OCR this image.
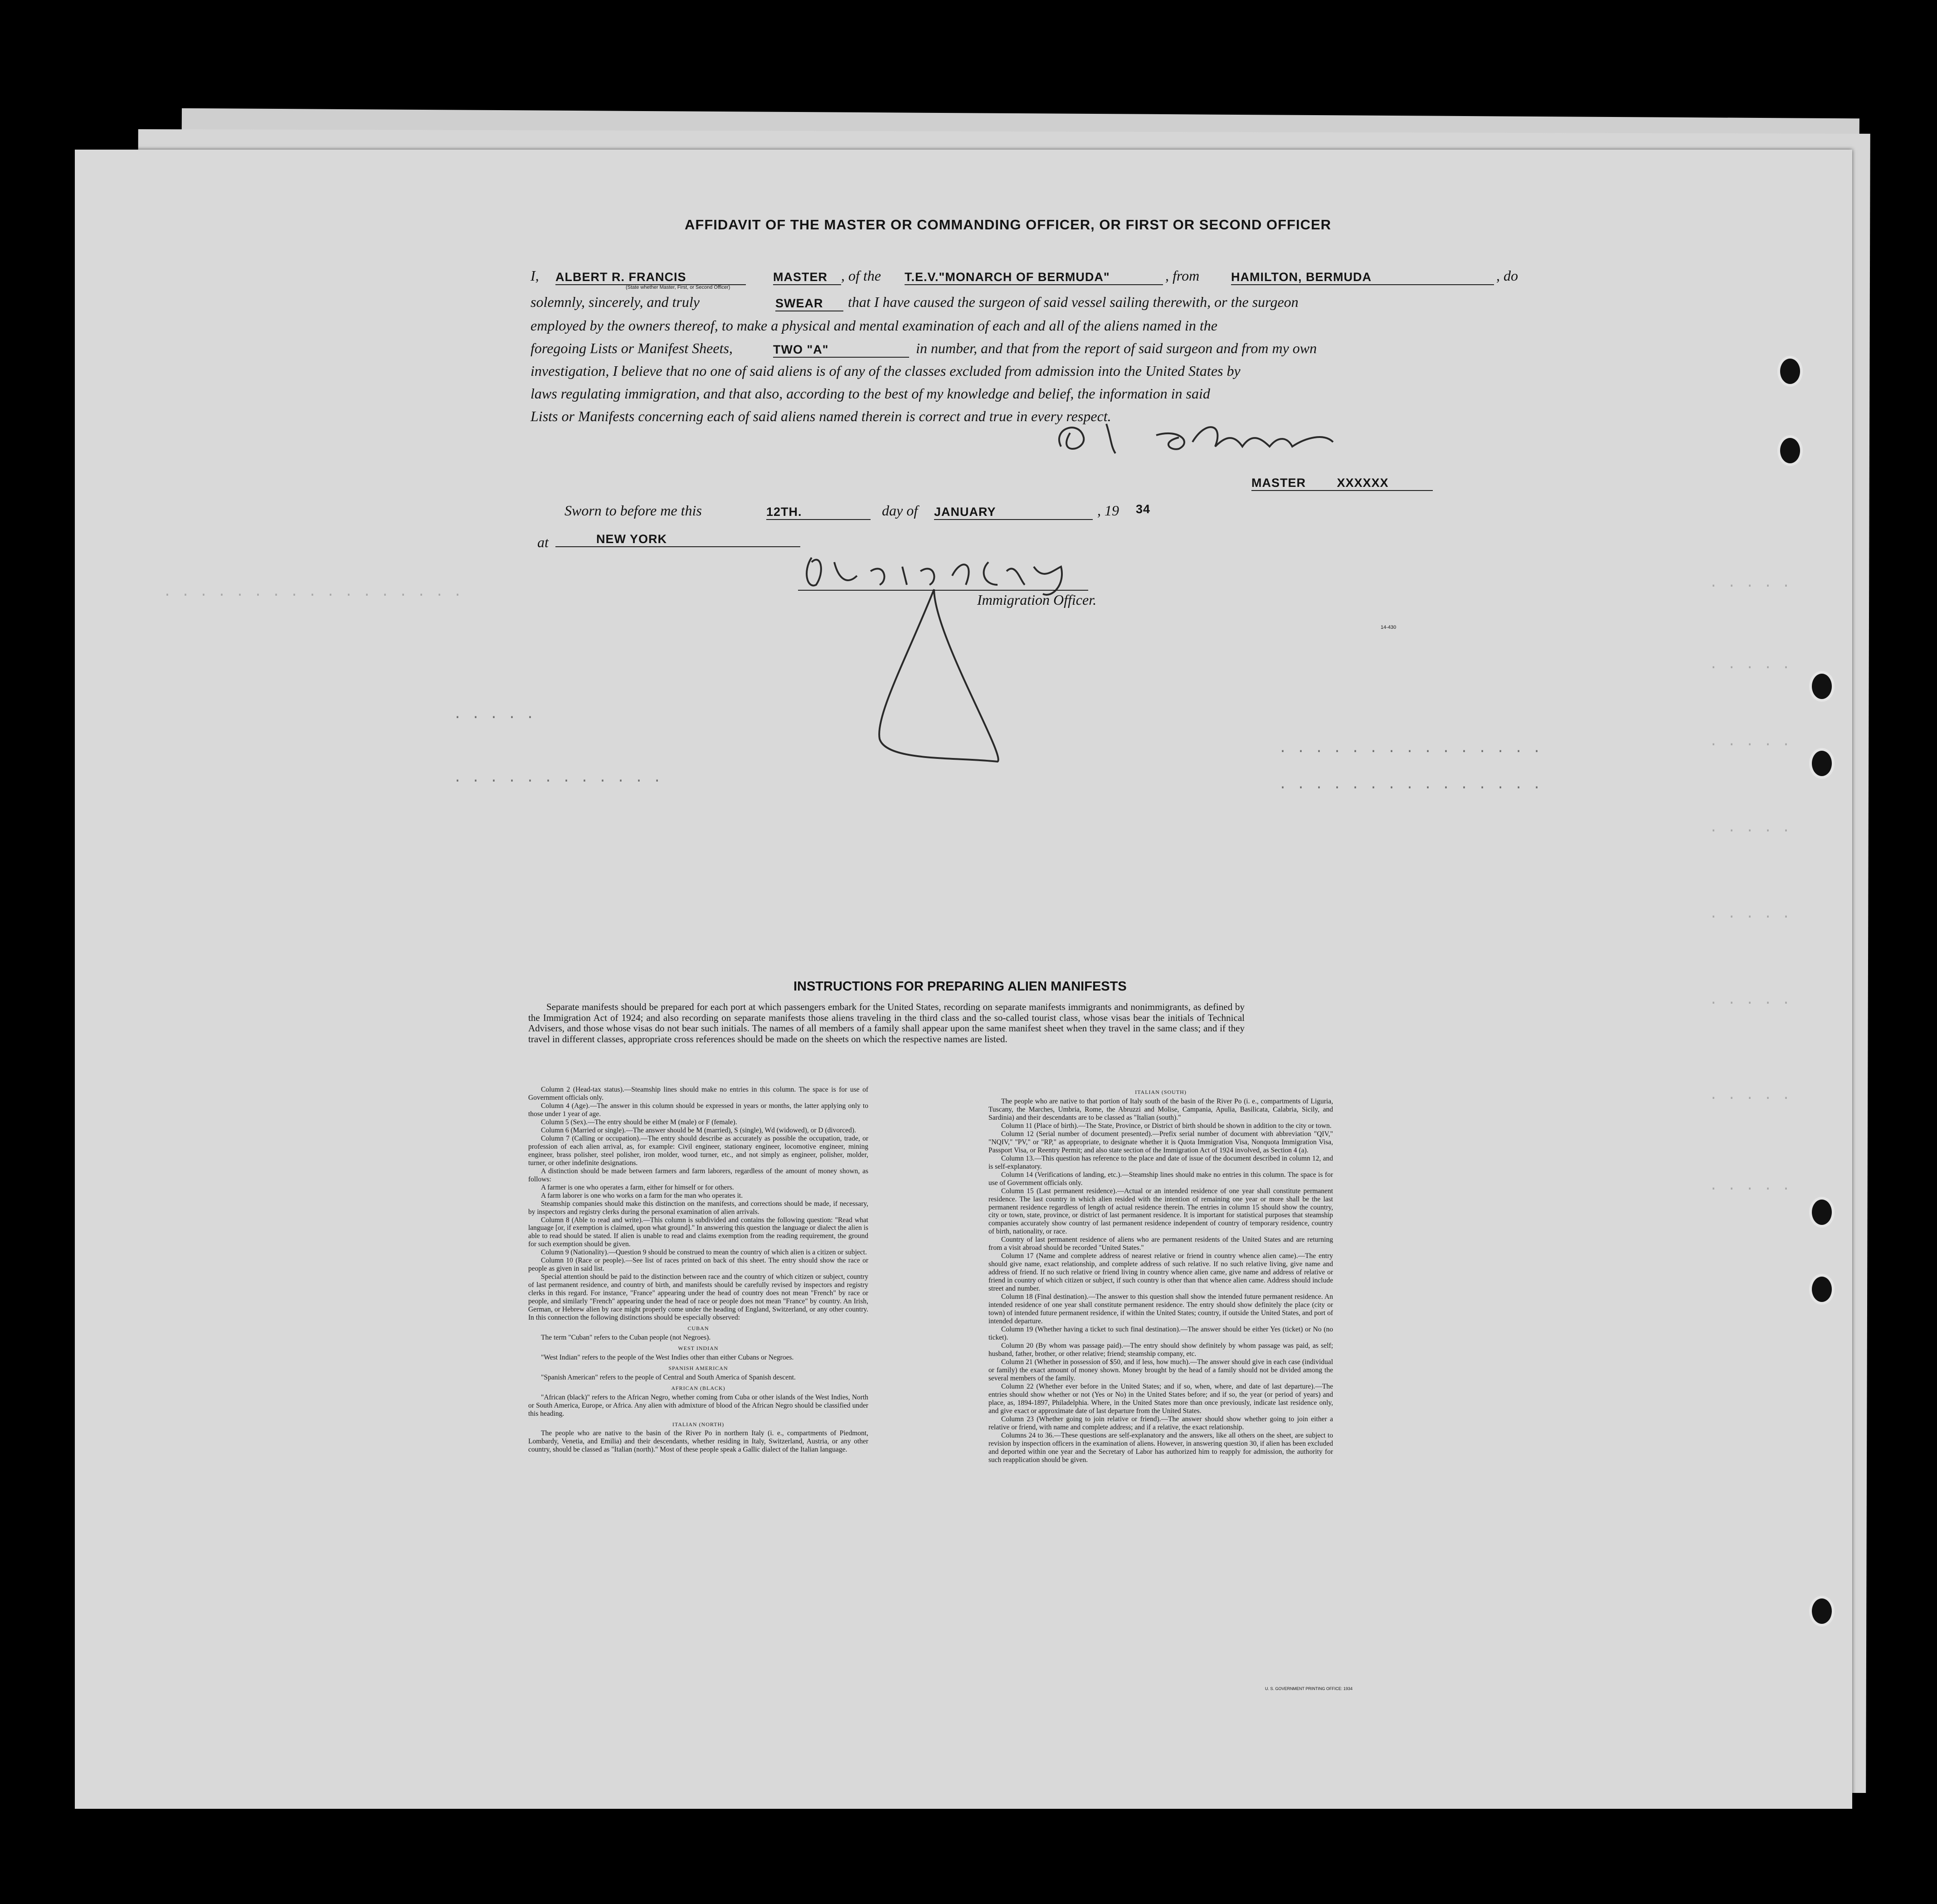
. . . . . . . . . . . . . . . . .
. . . . .
. . . . . . . . . . . .
. . . . . . . . . . . . . . .
. . . . . . . . . . . . . . .
. . . . .
. . . . .
. . . . .
. . . . .
. . . . .
. . . . .
. . . . .
. . . . .
AFFIDAVIT OF THE MASTER OR COMMANDING OFFICER, OR FIRST OR SECOND OFFICER
I, ALBERT R. FRANCIS	MASTER
(State whether Master, First, or Second Officer)
, of the T.E.V."MONARCH OF BERMUDA"	, from	HAMILTON, BERMUDA	, do
solemnly, sincerely, and truly	SWEAR	that I have caused the surgeon of said vessel sailing therewith, or the surgeon
employed by the owners thereof, to make a physical and mental examination of each and all of the aliens named in the
foregoing Lists or Manifest Sheets,	TWO "A"	in number, and that from the report of said surgeon and from my own
investigation, I believe that no one of said aliens is of any of the classes excluded from admission into the United States by
laws regulating immigration, and that also, according to the best of my knowledge and belief, the information in said
Lists or Manifests concerning each of said aliens named therein is correct and true in every respect.
MASTER	XXXXXX
Sworn to before me this	12TH.	day of JANUARY	, 19 34
at	NEW YORK
Immigration Officer.
14-430
INSTRUCTIONS FOR PREPARING ALIEN MANIFESTS
Separate manifests should be prepared for each port at which passengers embark for the United States, recording on separate manifests immigrants and nonimmigrants, as defined by the Immigration Act of 1924; and also recording on separate manifests those aliens traveling in the third class and the so-called tourist class, whose visas bear the initials of Technical Advisers, and those whose visas do not bear such initials. The names of all members of a family shall appear upon the same manifest sheet when they travel in the same class; and if they travel in different classes, appropriate cross references should be made on the sheets on which the respective names are listed.

Column 2 (Head-tax status).—Steamship lines should make no entries in this column. The space is for use of Government officials only.

Column 4 (Age).—The answer in this column should be expressed in years or months, the latter applying only to those under 1 year of age.

Column 5 (Sex).—The entry should be either M (male) or F (female).

Column 6 (Married or single).—The answer should be M (married), S (single), Wd (widowed), or D (divorced).

Column 7 (Calling or occupation).—The entry should describe as accurately as possible the occupation, trade, or profession of each alien arrival, as, for example: Civil engineer, stationary engineer, locomotive engineer, mining engineer, brass polisher, steel polisher, iron molder, wood turner, etc., and not simply as engineer, polisher, molder, turner, or other indefinite designations.

A distinction should be made between farmers and farm laborers, regardless of the amount of money shown, as follows:

A farmer is one who operates a farm, either for himself or for others.

A farm laborer is one who works on a farm for the man who operates it.

Steamship companies should make this distinction on the manifests, and corrections should be made, if necessary, by inspectors and registry clerks during the personal examination of alien arrivals.

Column 8 (Able to read and write).—This column is subdivided and contains the following question: "Read what language [or, if exemption is claimed, upon what ground]." In answering this question the language or dialect the alien is able to read should be stated. If alien is unable to read and claims exemption from the reading requirement, the ground for such exemption should be given.

Column 9 (Nationality).—Question 9 should be construed to mean the country of which alien is a citizen or subject.

Column 10 (Race or people).—See list of races printed on back of this sheet. The entry should show the race or people as given in said list.

Special attention should be paid to the distinction between race and the country of which citizen or subject, country of last permanent residence, and country of birth, and manifests should be carefully revised by inspectors and registry clerks in this regard. For instance, "France" appearing under the head of country does not mean "French" by race or people, and similarly "French" appearing under the head of race or people does not mean "France" by country. An Irish, German, or Hebrew alien by race might properly come under the heading of England, Switzerland, or any other country. In this connection the following distinctions should be especially observed:

CUBAN

The term "Cuban" refers to the Cuban people (not Negroes).

WEST INDIAN

"West Indian" refers to the people of the West Indies other than either Cubans or Negroes.

SPANISH AMERICAN

"Spanish American" refers to the people of Central and South America of Spanish descent.

AFRICAN (BLACK)

"African (black)" refers to the African Negro, whether coming from Cuba or other islands of the West Indies, North or South America, Europe, or Africa. Any alien with admixture of blood of the African Negro should be classified under this heading.

ITALIAN (NORTH)

The people who are native to the basin of the River Po in northern Italy (i. e., compartments of Piedmont, Lombardy, Venetia, and Emilia) and their descendants, whether residing in Italy, Switzerland, Austria, or any other country, should be classed as "Italian (north)." Most of these people speak a Gallic dialect of the Italian language.

ITALIAN (SOUTH)

The people who are native to that portion of Italy south of the basin of the River Po (i. e., compartments of Liguria, Tuscany, the Marches, Umbria, Rome, the Abruzzi and Molise, Campania, Apulia, Basilicata, Calabria, Sicily, and Sardinia) and their descendants are to be classed as "Italian (south)."

Column 11 (Place of birth).—The State, Province, or District of birth should be shown in addition to the city or town.

Column 12 (Serial number of document presented).—Prefix serial number of document with abbreviation "QIV," "NQIV," "PV," or "RP," as appropriate, to designate whether it is Quota Immigration Visa, Nonquota Immigration Visa, Passport Visa, or Reentry Permit; and also state section of the Immigration Act of 1924 involved, as Section 4 (a).

Column 13.—This question has reference to the place and date of issue of the document described in column 12, and is self-explanatory.

Column 14 (Verifications of landing, etc.).—Steamship lines should make no entries in this column. The space is for use of Government officials only.

Column 15 (Last permanent residence).—Actual or an intended residence of one year shall constitute permanent residence. The last country in which alien resided with the intention of remaining one year or more shall be the last permanent residence regardless of length of actual residence therein. The entries in column 15 should show the country, city or town, state, province, or district of last permanent residence. It is important for statistical purposes that steamship companies accurately show country of last permanent residence independent of country of temporary residence, country of birth, nationality, or race.

Country of last permanent residence of aliens who are permanent residents of the United States and are returning from a visit abroad should be recorded "United States."

Column 17 (Name and complete address of nearest relative or friend in country whence alien came).—The entry should give name, exact relationship, and complete address of such relative. If no such relative living, give name and address of friend. If no such relative or friend living in country whence alien came, give name and address of relative or friend in country of which citizen or subject, if such country is other than that whence alien came. Address should include street and number.

Column 18 (Final destination).—The answer to this question shall show the intended future permanent residence. An intended residence of one year shall constitute permanent residence. The entry should show definitely the place (city or town) of intended future permanent residence, if within the United States; country, if outside the United States, and port of intended departure.

Column 19 (Whether having a ticket to such final destination).—The answer should be either Yes (ticket) or No (no ticket).

Column 20 (By whom was passage paid).—The entry should show definitely by whom passage was paid, as self; husband, father, brother, or other relative; friend; steamship company, etc.

Column 21 (Whether in possession of $50, and if less, how much).—The answer should give in each case (individual or family) the exact amount of money shown. Money brought by the head of a family should not be divided among the several members of the family.

Column 22 (Whether ever before in the United States; and if so, when, where, and date of last departure).—The entries should show whether or not (Yes or No) in the United States before; and if so, the year (or period of years) and place, as, 1894-1897, Philadelphia. Where, in the United States more than once previously, indicate last residence only, and give exact or approximate date of last departure from the United States.

Column 23 (Whether going to join relative or friend).—The answer should show whether going to join either a relative or friend, with name and complete address; and if a relative, the exact relationship.

Columns 24 to 36.—These questions are self-explanatory and the answers, like all others on the sheet, are subject to revision by inspection officers in the examination of aliens. However, in answering question 30, if alien has been excluded and deported within one year and the Secretary of Labor has authorized him to reapply for admission, the authority for such reapplication should be given.

U. S. GOVERNMENT PRINTING OFFICE: 1934
